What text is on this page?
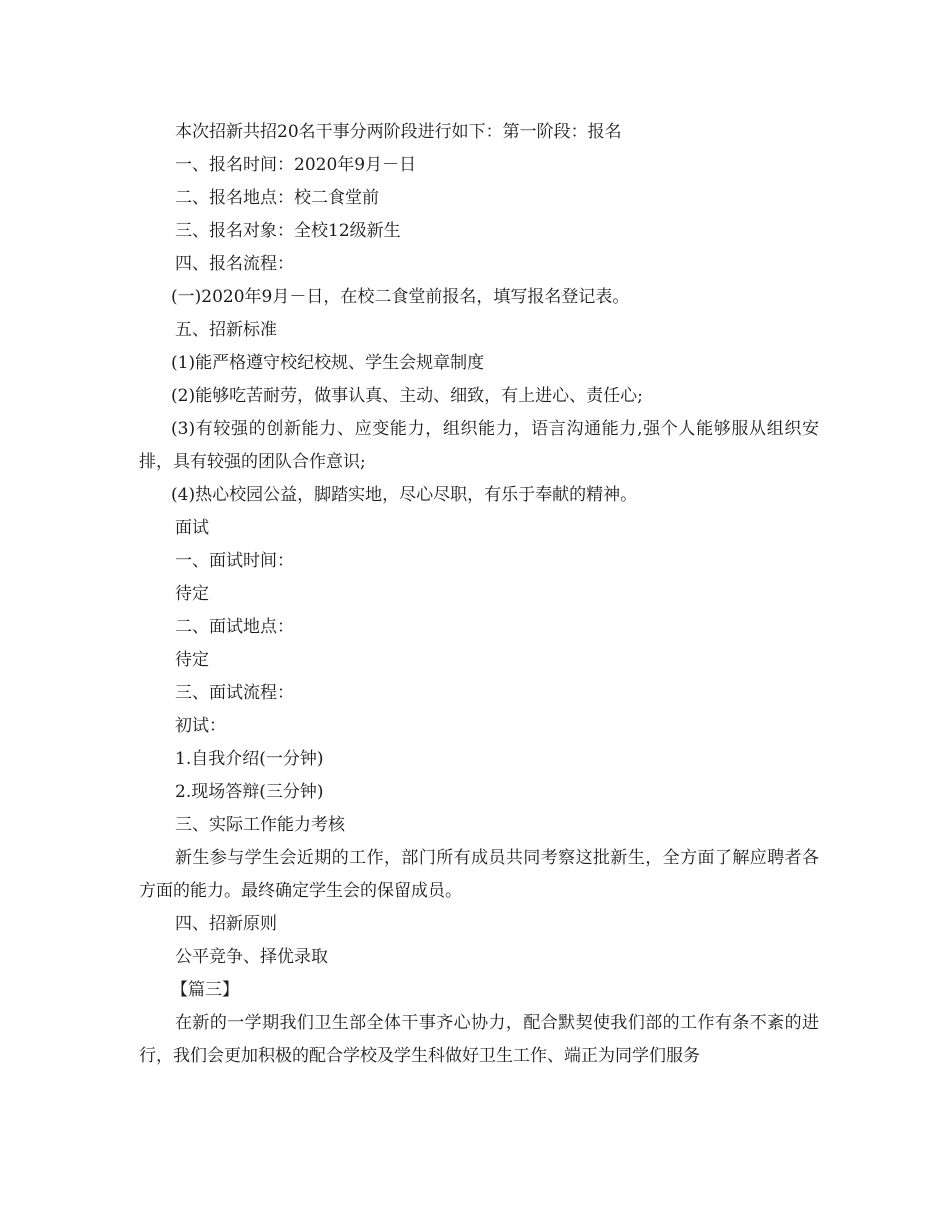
本次招新共招20名干事分两阶段进行如下：第一阶段：报名

一、报名时间：2020年9月－日

二、报名地点：校二食堂前

三、报名对象：全校12级新生

四、报名流程：

(一)2020年9月－日，在校二食堂前报名，填写报名登记表。

五、招新标准

(1)能严格遵守校纪校规、学生会规章制度

(2)能够吃苦耐劳，做事认真、主动、细致，有上进心、责任心;

(3)有较强的创新能力、应变能力，组织能力，语言沟通能力,强个人能够服从组织安排，具有较强的团队合作意识;

(4)热心校园公益，脚踏实地，尽心尽职，有乐于奉献的精神。

面试

一、面试时间：

待定

二、面试地点：

待定

三、面试流程：

初试：

1.自我介绍(一分钟)

2.现场答辩(三分钟)

三、实际工作能力考核

新生参与学生会近期的工作，部门所有成员共同考察这批新生，全方面了解应聘者各方面的能力。最终确定学生会的保留成员。

四、招新原则

公平竞争、择优录取

【篇三】

在新的一学期我们卫生部全体干事齐心协力，配合默契使我们部的工作有条不紊的进行，我们会更加积极的配合学校及学生科做好卫生工作、端正为同学们服务
